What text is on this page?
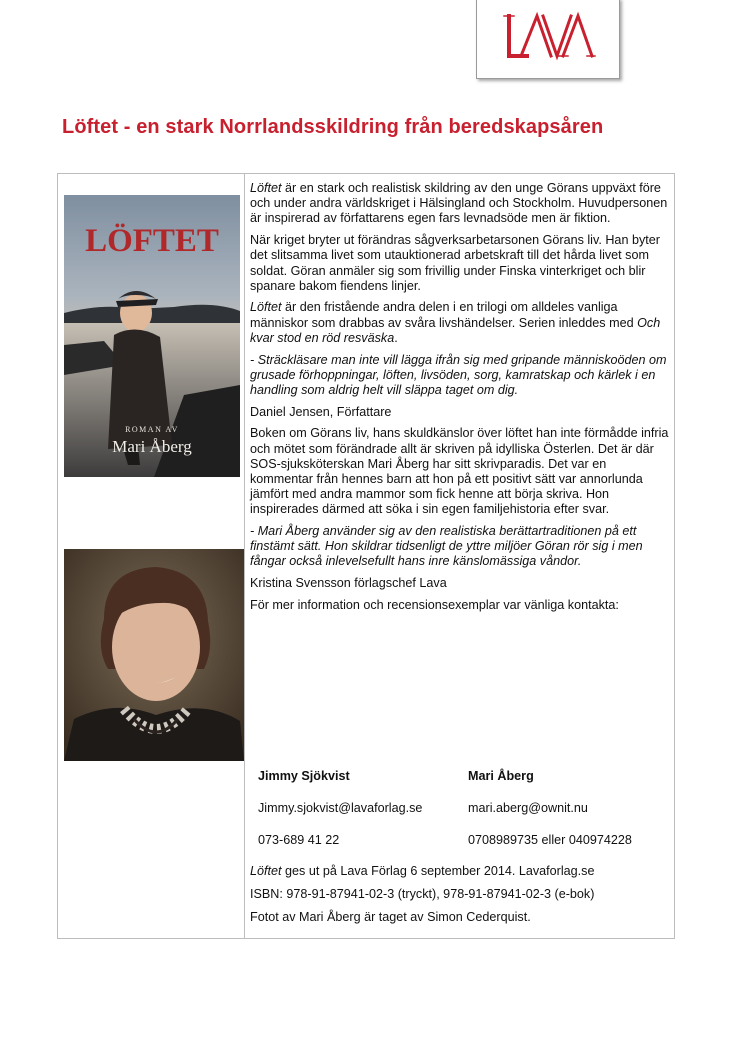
Löftet - en stark Norrlandsskildring från beredskapsåren
LÖFTET
ROMAN AV
Mari Åberg

Löftet är en stark och realistisk skildring av den unge Görans uppväxt före och under andra världskriget i Hälsingland och Stockholm. Huvudpersonen är inspirerad av författarens egen fars levnadsöde men är fiktion.

När kriget bryter ut förändras sågverksarbetarsonen Görans liv. Han byter det slitsamma livet som utauktionerad arbetskraft till det hårda livet som soldat. Göran anmäler sig som frivillig under Finska vinterkriget och blir spanare bakom fiendens linjer.

Löftet är den fristående andra delen i en trilogi om alldeles vanliga människor som drabbas av svåra livshändelser. Serien inleddes med Och kvar stod en röd resväska.

- Sträckläsare man inte vill lägga ifrån sig med gripande människoöden om grusade förhoppningar, löften, livsöden, sorg, kamratskap och kärlek i en handling som aldrig helt vill släppa taget om dig.

Daniel Jensen, Författare

Boken om Görans liv, hans skuldkänslor över löftet han inte förmådde infria och mötet som förändrade allt är skriven på idylliska Österlen. Det är där SOS-sjuksköterskan Mari Åberg har sitt skrivparadis. Det var en kommentar från hennes barn att hon på ett positivt sätt var annorlunda jämfört med andra mammor som fick henne att börja skriva. Hon inspirerades därmed att söka i sin egen familjehistoria efter svar.

- Mari Åberg använder sig av den realistiska berättartraditionen på ett finstämt sätt. Hon skildrar tidsenligt de yttre miljöer Göran rör sig i men fångar också inlevelsefullt hans inre känslomässiga våndor.

Kristina Svensson förlagschef Lava

För mer information och recensionsexemplar var vänliga kontakta:

Jimmy Sjökvist	Mari Åberg
Jimmy.sjokvist@lavaforlag.se	mari.aberg@ownit.nu
073-689 41 22	0708989735 eller 040974228

Löftet ges ut på Lava Förlag 6 september 2014. Lavaforlag.se

ISBN: 978-91-87941-02-3 (tryckt), 978-91-87941-02-3 (e-bok)

Fotot av Mari Åberg är taget av Simon Cederquist.
